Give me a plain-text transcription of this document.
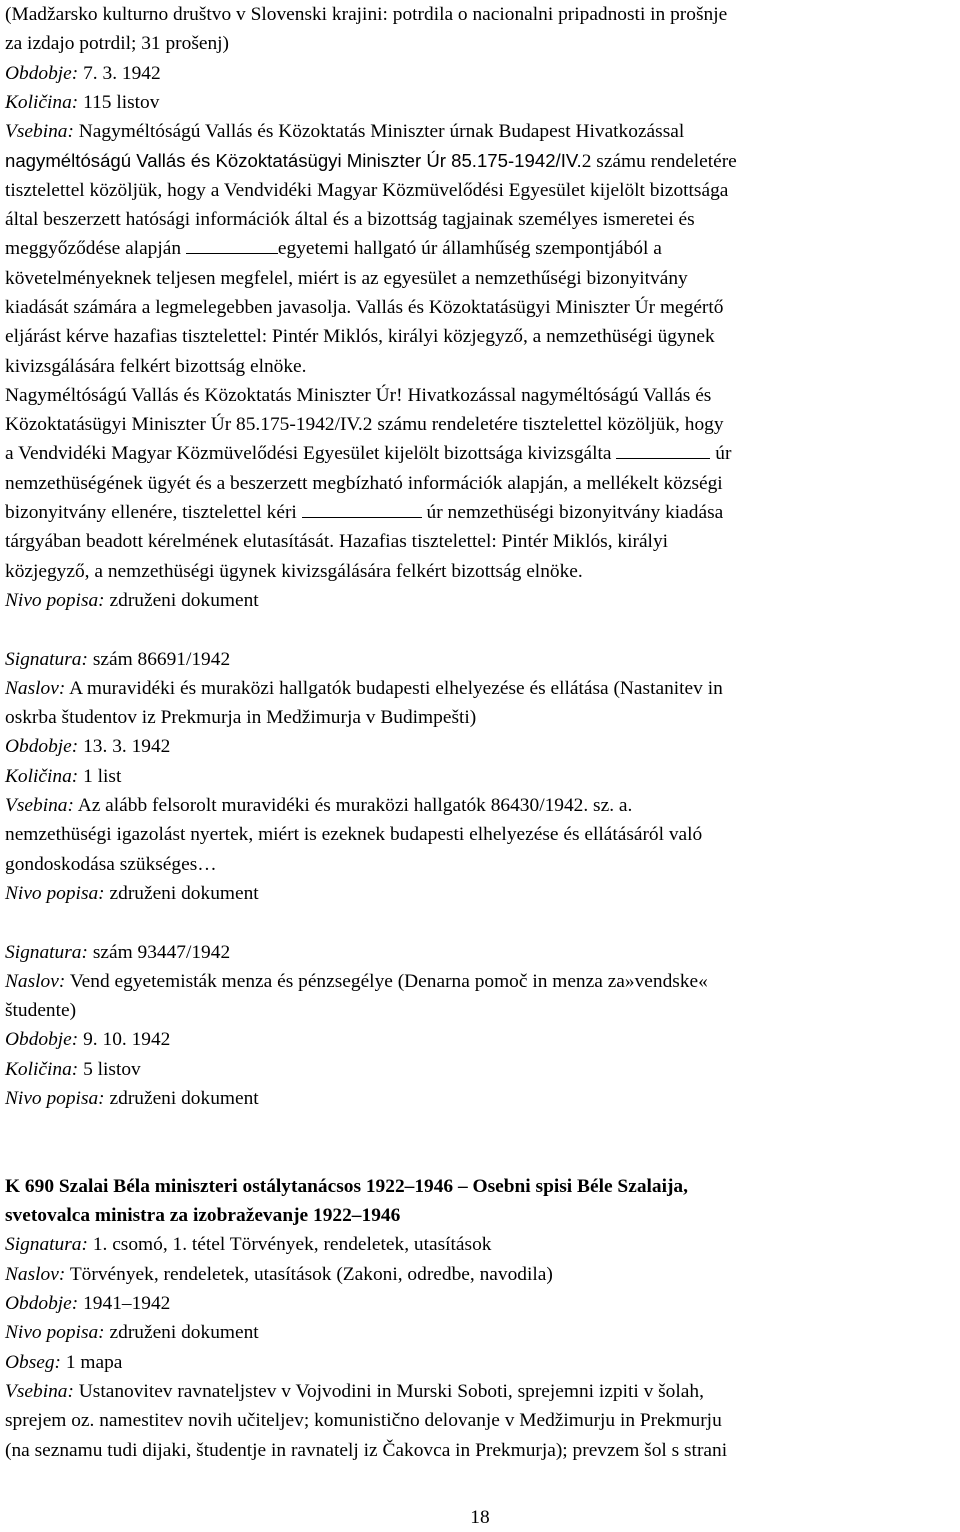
(Madžarsko kulturno društvo v Slovenski krajini: potrdila o nacionalni pripadnosti in prošnje
za izdajo potrdil; 31 prošenj)
Obdobje: 7. 3. 1942
Količina: 115 listov
Vsebina: Nagyméltóságú Vallás és Közoktatás Miniszter úrnak Budapest Hivatkozással
nagyméltóságú Vallás és Közoktatásügyi Miniszter Úr 85.175-1942/IV.2 számu rendeletére
tisztelettel közöljük, hogy a Vendvidéki Magyar Közmüvelődési Egyesület kijelölt bizottsága
által beszerzett hatósági információk által és a bizottság tagjainak személyes ismeretei és
meggyőződése alapján	egyetemi hallgató úr államhűség szempontjából a
követelményeknek teljesen megfelel, miért is az egyesület a nemzethűségi bizonyitvány
kiadását számára a legmelegebben javasolja. Vallás és Közoktatásügyi Miniszter Úr megértő
eljárást kérve hazafias tisztelettel: Pintér Miklós, királyi közjegyző, a nemzethüségi ügynek
kivizsgálására felkért bizottság elnöke.
Nagyméltóságú Vallás és Közoktatás Miniszter Úr! Hivatkozással nagyméltóságú Vallás és
Közoktatásügyi Miniszter Úr 85.175-1942/IV.2 számu rendeletére tisztelettel közöljük, hogy
a Vendvidéki Magyar Közmüvelődési Egyesület kijelölt bizottsága kivizsgálta	úr
nemzethüségének ügyét és a beszerzett megbízható információk alapján, a mellékelt községi
bizonyitvány ellenére, tisztelettel kéri	úr nemzethüségi bizonyitvány kiadása
tárgyában beadott kérelmének elutasítását. Hazafias tisztelettel: Pintér Miklós, királyi
közjegyző, a nemzethüségi ügynek kivizsgálására felkért bizottság elnöke.
Nivo popisa: združeni dokument
Signatura: szám 86691/1942
Naslov: A muravidéki és muraközi hallgatók budapesti elhelyezése és ellátása (Nastanitev in
oskrba študentov iz Prekmurja in Medžimurja v Budimpešti)
Obdobje: 13. 3. 1942
Količina: 1 list
Vsebina: Az alább felsorolt muravidéki és muraközi hallgatók 86430/1942. sz. a.
nemzethüségi igazolást nyertek, miért is ezeknek budapesti elhelyezése és ellátásáról való
gondoskodása szükséges…
Nivo popisa: združeni dokument
Signatura: szám 93447/1942
Naslov: Vend egyetemisták menza és pénzsegélye (Denarna pomoč in menza za»vendske«
študente)
Obdobje: 9. 10. 1942
Količina: 5 listov
Nivo popisa: združeni dokument
K 690 Szalai Béla miniszteri ostálytanácsos 1922–1946 – Osebni spisi Béle Szalaija,
svetovalca ministra za izobraževanje 1922–1946
Signatura: 1. csomó, 1. tétel Törvények, rendeletek, utasítások
Naslov: Törvények, rendeletek, utasítások (Zakoni, odredbe, navodila)
Obdobje: 1941–1942
Nivo popisa: združeni dokument
Obseg: 1 mapa
Vsebina: Ustanovitev ravnateljstev v Vojvodini in Murski Soboti, sprejemni izpiti v šolah,
sprejem oz. namestitev novih učiteljev; komunistično delovanje v Medžimurju in Prekmurju
(na seznamu tudi dijaki, študentje in ravnatelj iz Čakovca in Prekmurja); prevzem šol s strani
18
